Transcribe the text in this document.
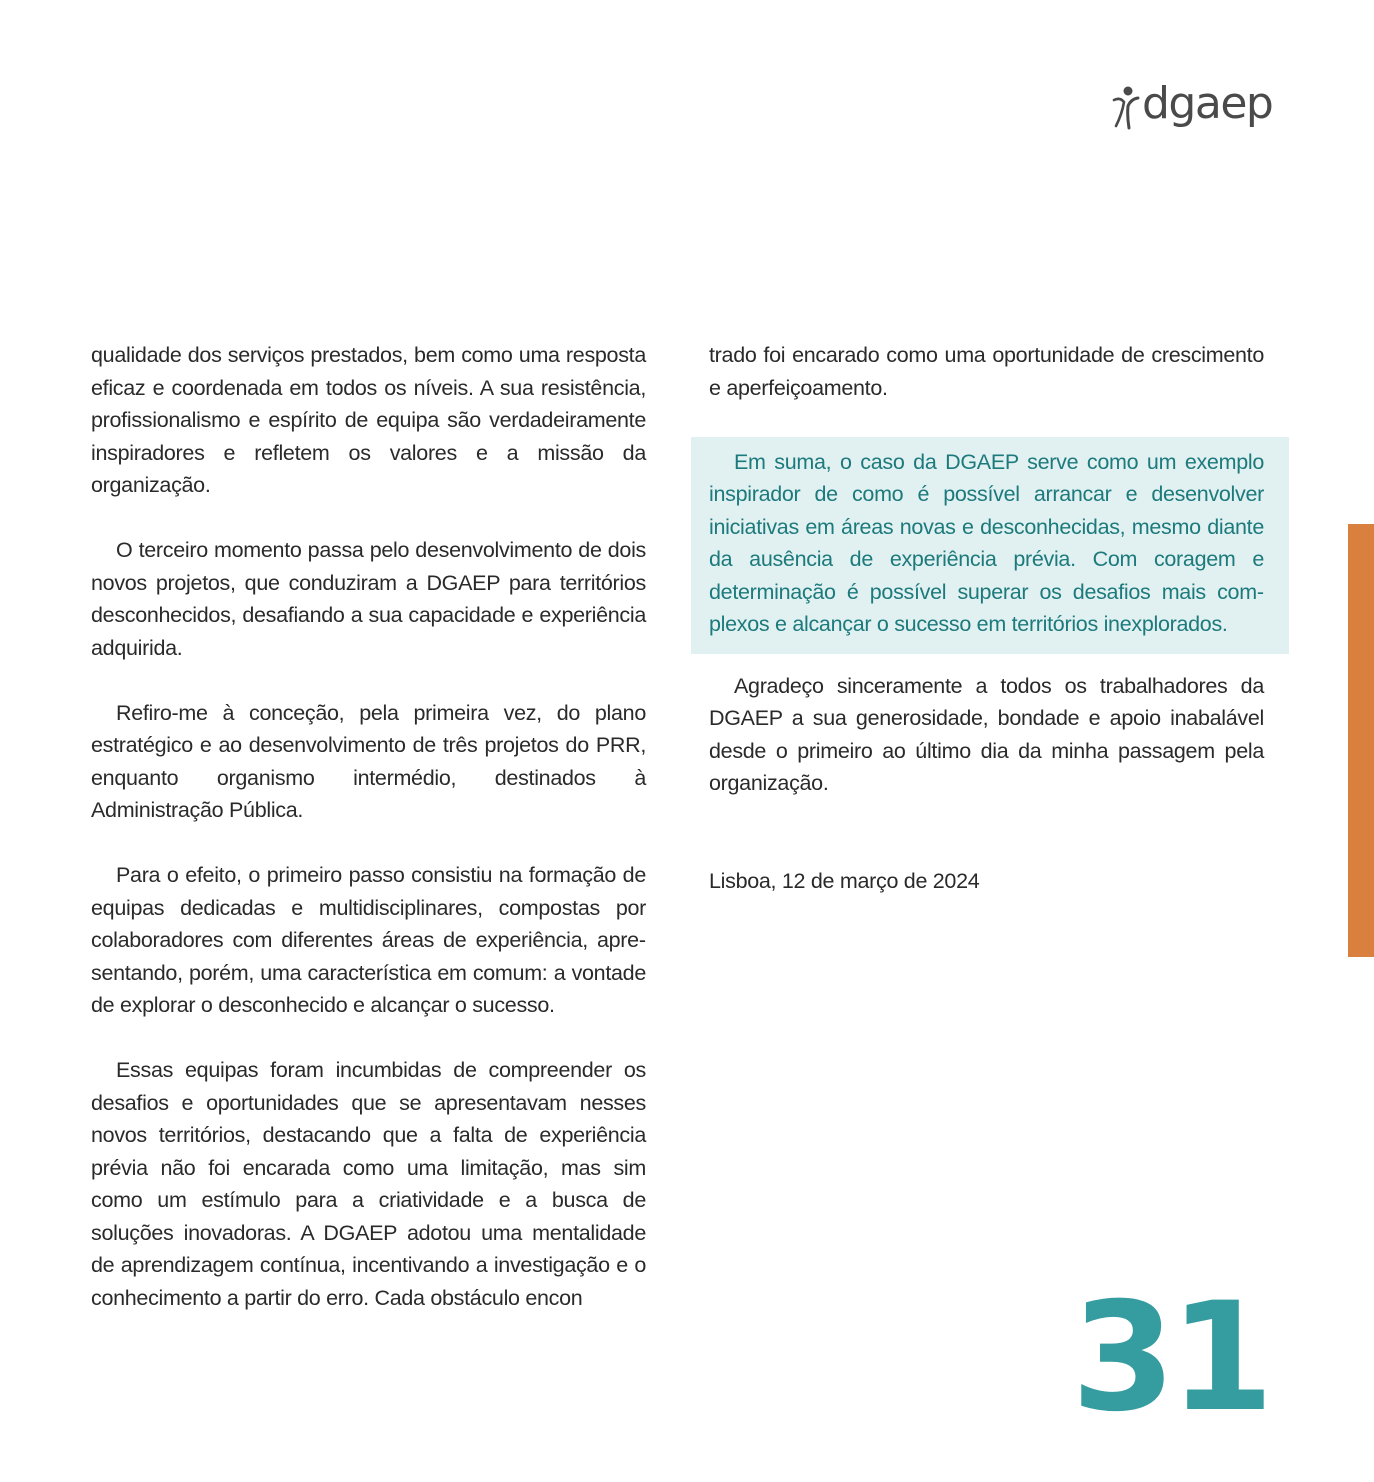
dgaep

qualidade dos serviços prestados, bem como uma resposta eficaz e coordenada em todos os níveis. A sua resistência, profissionalismo e espírito de equipa são verdadeiramente inspiradores e refletem os valores e a missão da organização.

O terceiro momento passa pelo desenvolvimento de dois novos projetos, que conduziram a DGAEP para territórios desconhecidos, desafiando a sua capacidade e experiência adquirida.

Refiro-me à conceção, pela primeira vez, do plano estratégico e ao desenvolvimento de três projetos do PRR, enquanto organismo intermédio, destinados à Administração Pública.

Para o efeito, o primeiro passo consistiu na formação de equipas dedicadas e multidisciplinares, compostas por colaboradores com diferentes áreas de experiência, apresentando, porém, uma característica em comum: a vontade de explorar o desconhecido e alcançar o sucesso.

Essas equipas foram incumbidas de compreender os desafios e oportunidades que se apresentavam nesses novos territórios, destacando que a falta de experiência prévia não foi encarada como uma limitação, mas sim como um estímulo para a criatividade e a busca de soluções inovadoras. A DGAEP adotou uma mentalidade de aprendizagem contínua, incentivando a investigação e o conhecimento a partir do erro. Cada obstáculo encon

trado foi encarado como uma oportunidade de crescimento e aperfeiçoamento.

Em suma, o caso da DGAEP serve como um exemplo inspirador de como é possível arrancar e desenvolver iniciativas em áreas novas e desconhecidas, mesmo diante da ausência de experiência prévia. Com coragem e determinação é possível superar os desafios mais complexos e alcançar o sucesso em territórios inexplorados.

Agradeço sinceramente a todos os trabalhadores da DGAEP a sua generosidade, bondade e apoio inabalável desde o primeiro ao último dia da minha passagem pela organização.

Lisboa, 12 de março de 2024

31
